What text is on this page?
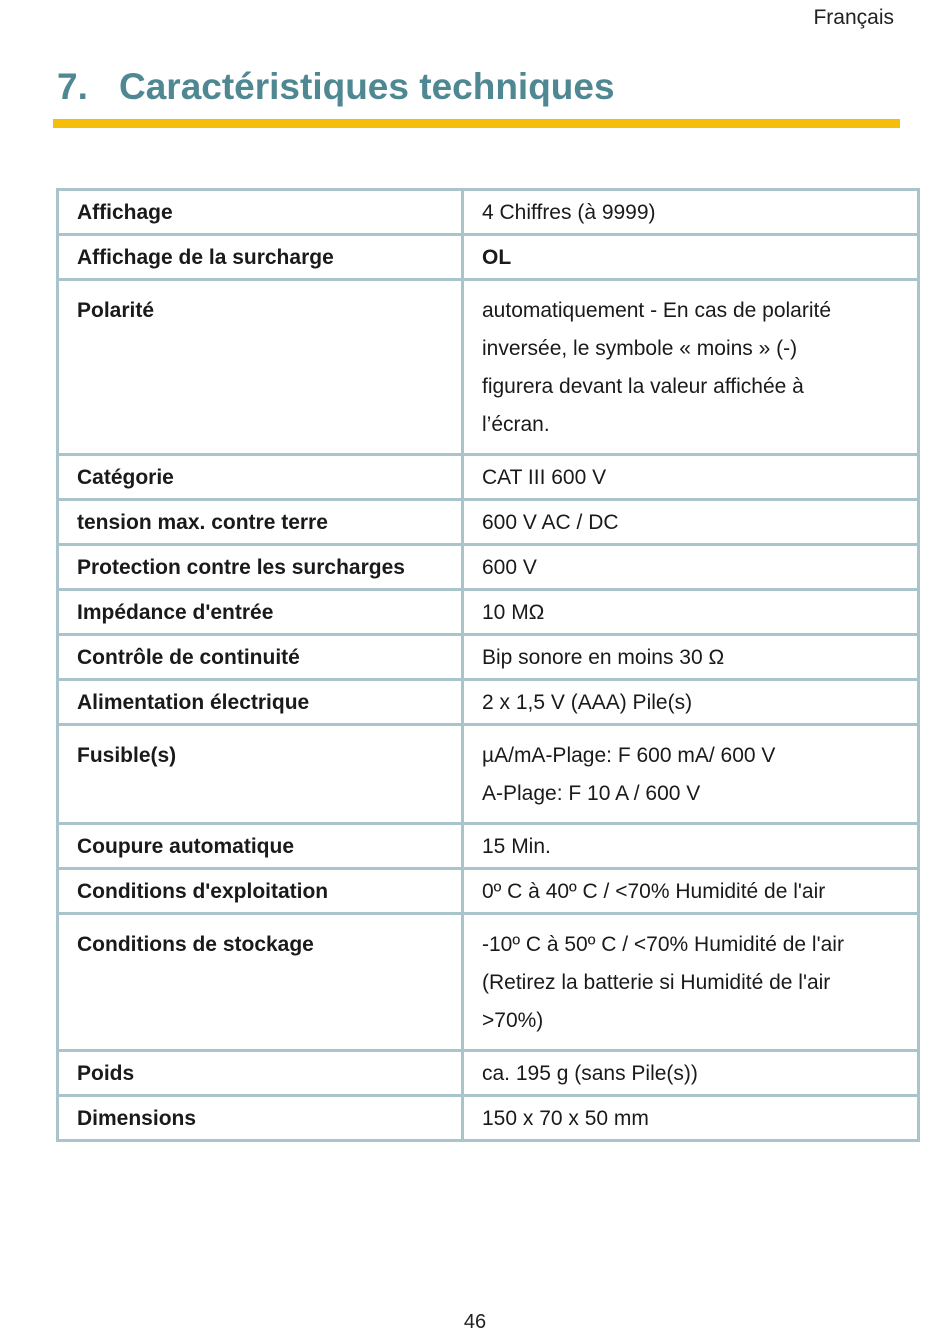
Français
7. Caractéristiques techniques
Affichage	4 Chiffres (à 9999)

Affichage de la surcharge	OL

Polarité	automatiquement - En cas de polarité
inversée, le symbole « moins » (-)
figurera devant la valeur affichée à
l’écran.

Catégorie	CAT III 600 V

tension max. contre terre	600 V AC / DC

Protection contre les surcharges	600 V

Impédance d'entrée	10 MΩ

Contrôle de continuité	Bip sonore en moins 30 Ω

Alimentation électrique	2 x 1,5 V (AAA) Pile(s)

Fusible(s)	µA/mA-Plage: F 600 mA/ 600 V
A-Plage: F 10 A / 600 V

Coupure automatique	15 Min.

Conditions d'exploitation	0º C à 40º C / <70% Humidité de l'air

Conditions de stockage	-10º C à 50º C / <70% Humidité de l'air
(Retirez la batterie si Humidité de l'air
>70%)

Poids	ca. 195 g (sans Pile(s))

Dimensions	150 x 70 x 50 mm
46
